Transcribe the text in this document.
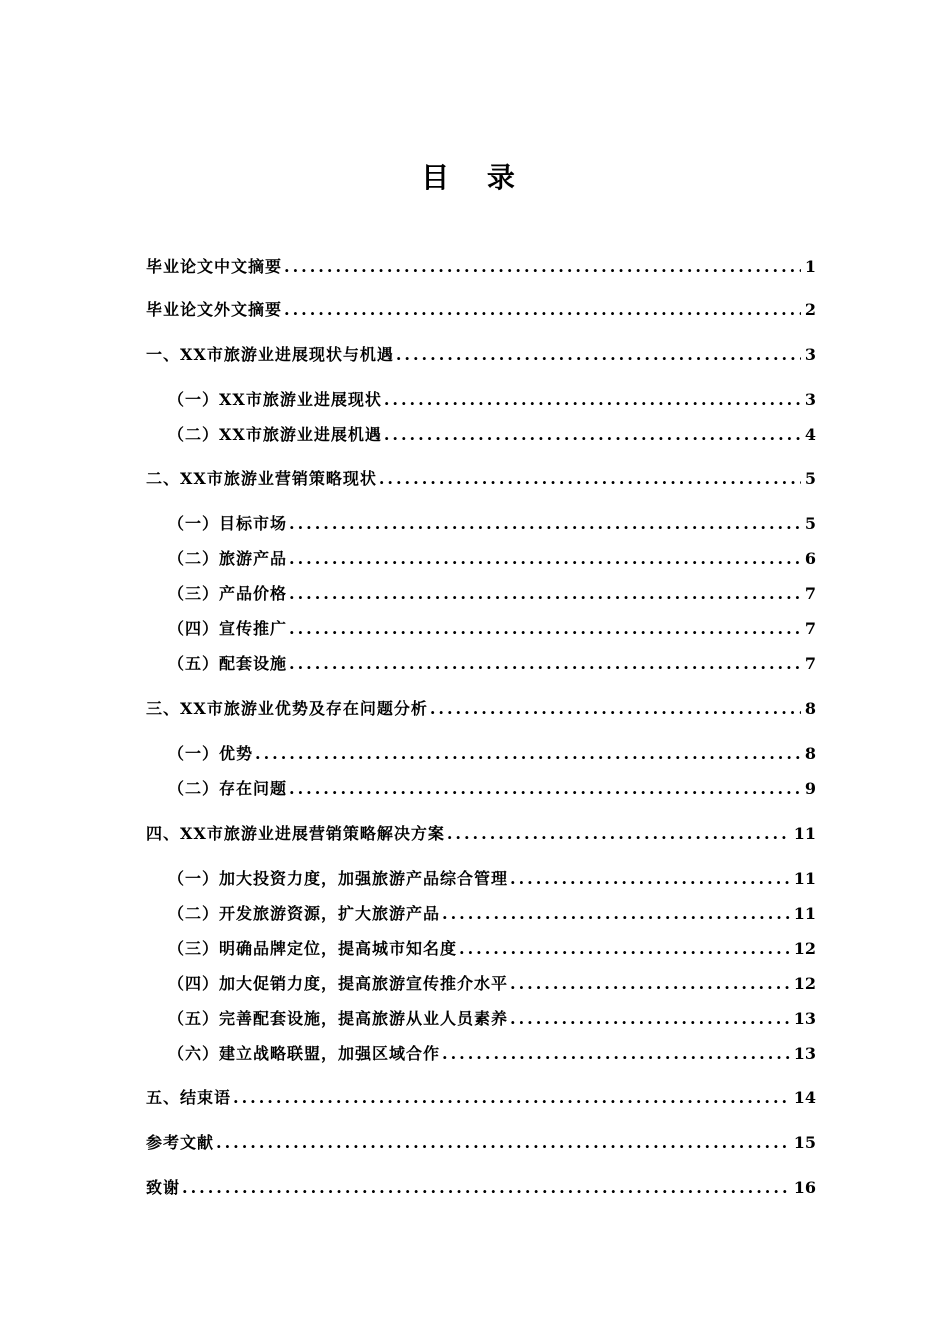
目 录
毕业论文中文摘要 .....	1
毕业论文外文摘要 .....	2
一、XX市旅游业进展现状与机遇 .....	3
（一）XX市旅游业进展现状 .....	3
（二）XX市旅游业进展机遇 .....	4
二、XX市旅游业营销策略现状 .....	5
（一）目标市场 .....	5
（二）旅游产品 .....	6
（三）产品价格 .....	7
（四）宣传推广 .....	7
（五）配套设施 .....	7
三、XX市旅游业优势及存在问题分析 .....	8
（一）优势 .....	8
（二）存在问题 .....	9
四、XX市旅游业进展营销策略解决方案 .....	11
（一）加大投资力度，加强旅游产品综合管理 .....	11
（二）开发旅游资源，扩大旅游产品 .....	11
（三）明确品牌定位，提高城市知名度 .....	12
（四）加大促销力度，提高旅游宣传推介水平 .....	12
（五）完善配套设施，提高旅游从业人员素养 .....	13
（六）建立战略联盟，加强区域合作 .....	13
五、结束语 .....	14
参考文献 .....	15
致谢 .....	16
